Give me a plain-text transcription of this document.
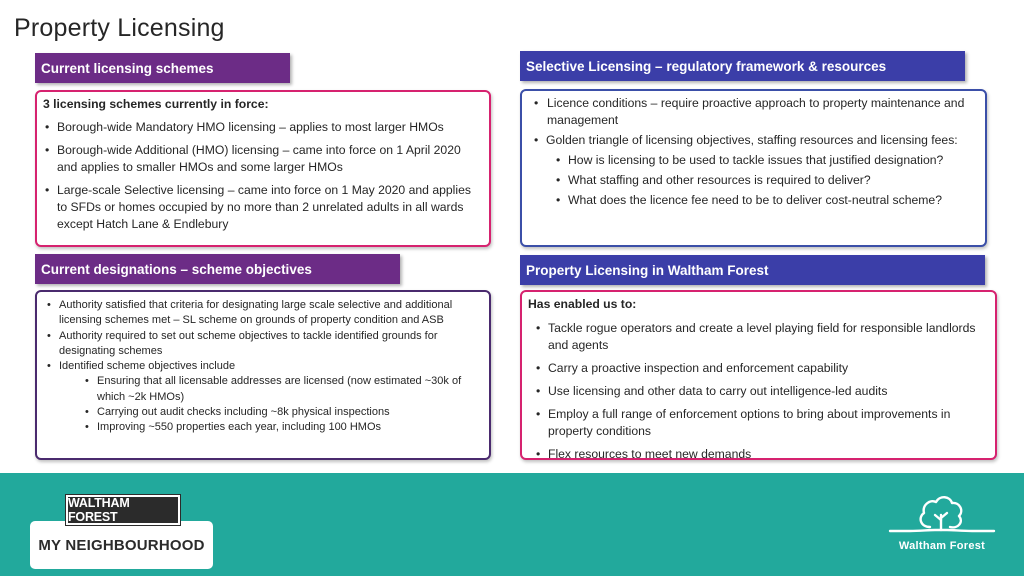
Property Licensing
Current licensing schemes
3 licensing schemes currently in force:
• Borough-wide Mandatory HMO licensing – applies to most larger HMOs
• Borough-wide Additional (HMO) licensing – came into force on 1 April 2020 and applies to smaller HMOs and some larger HMOs
• Large-scale Selective licensing – came into force on 1 May 2020 and applies to SFDs or homes occupied by no more than 2 unrelated adults in all wards except Hatch Lane & Endlebury
Selective Licensing – regulatory framework & resources
• Licence conditions – require proactive approach to property maintenance and management
• Golden triangle of licensing objectives, staffing resources and licensing fees:
• How is licensing to be used to tackle issues that justified designation?
• What staffing and other resources is required to deliver?
• What does the licence fee need to be to deliver cost-neutral scheme?
Current designations – scheme objectives
• Authority satisfied that criteria for designating large scale selective and additional licensing schemes met – SL scheme on grounds of property condition and ASB
• Authority required to set out scheme objectives to tackle identified grounds for designating schemes
• Identified scheme objectives include
• Ensuring that all licensable addresses are licensed (now estimated ~30k of which ~2k HMOs)
• Carrying out audit checks including ~8k physical inspections
• Improving ~550 properties each year, including 100 HMOs
Property Licensing in Waltham Forest
Has enabled us to:
• Tackle rogue operators and create a level playing field for responsible landlords and agents
• Carry a proactive inspection and enforcement capability
• Use licensing and other data to carry out intelligence-led audits
• Employ a full range of enforcement options to bring about improvements in property conditions
• Flex resources to meet new demands
MY NEIGHBOURHOOD
WALTHAM FOREST
Waltham Forest
